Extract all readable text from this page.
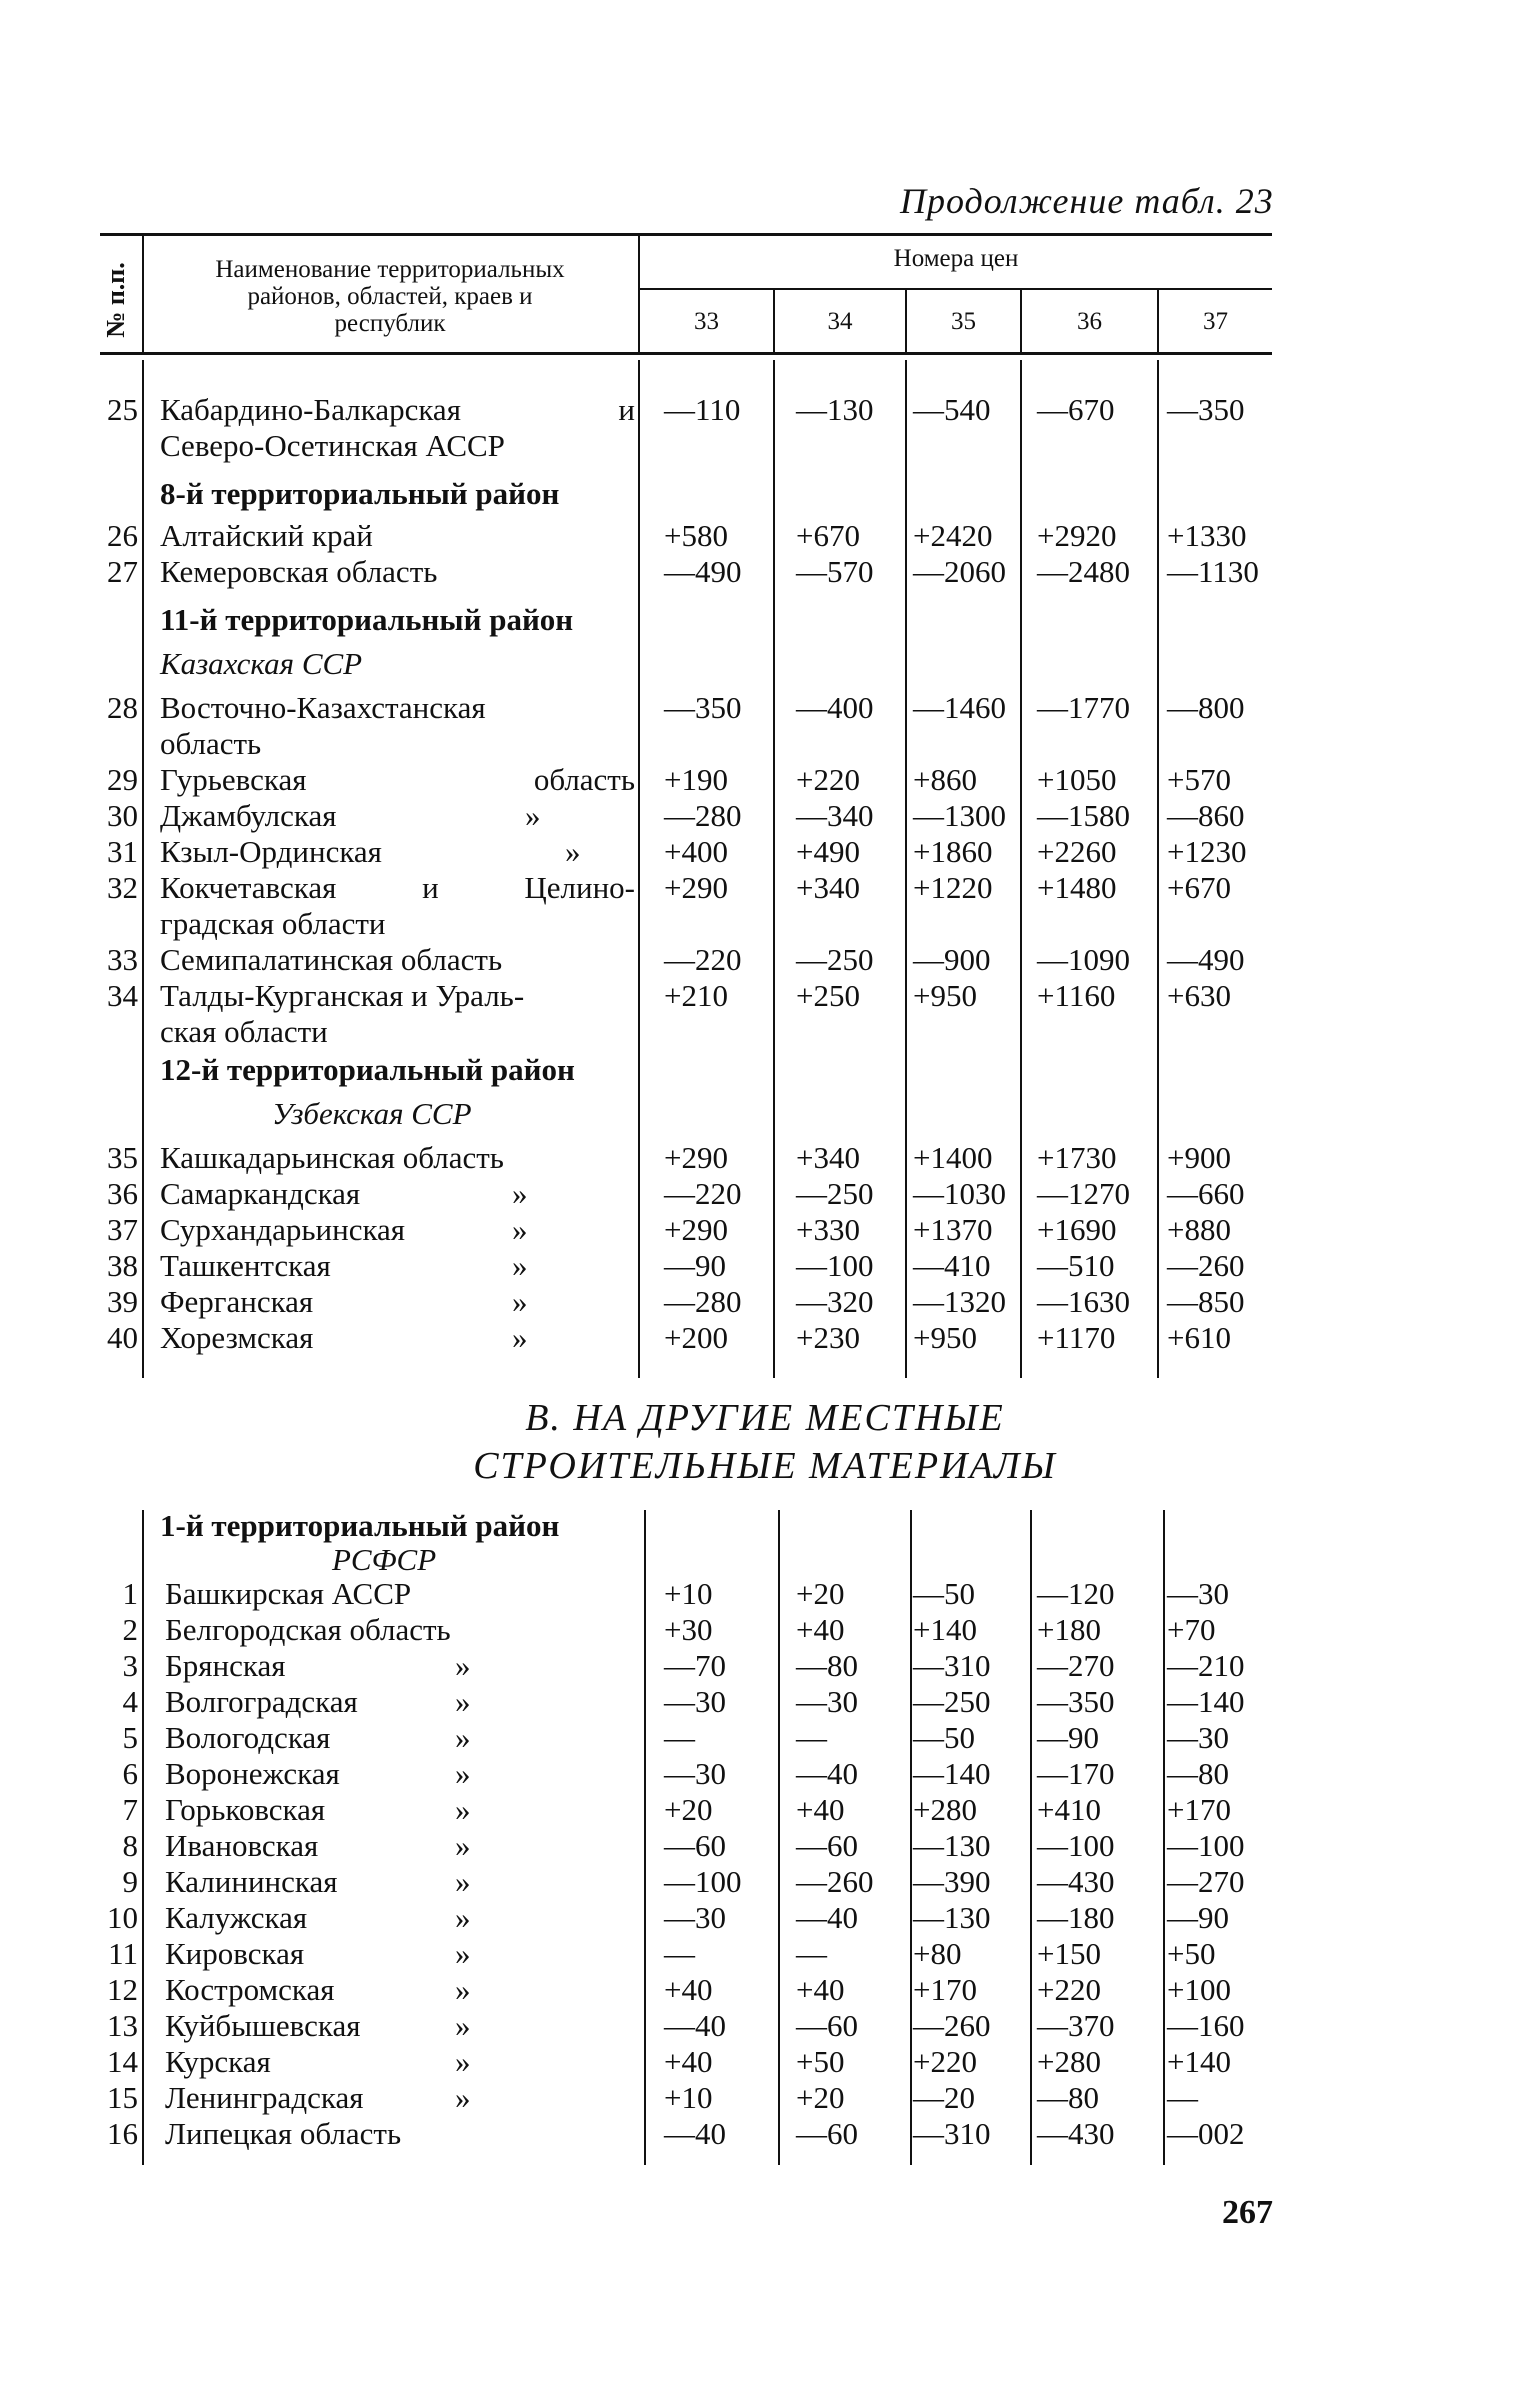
Продолжение табл. 23
№ п.п.	Наименование территориальных
районов, областей, краев и
республик
Номера цен
33	34	35	36	37
25 Кабардино-Балкарская	и —110 —130 —540 —670 —350
Северо-Осетинская АССР
8-й территориальный район
26 Алтайский край	+580 +670 +2420 +2920 +1330
27 Кемеровская область	—490 —570 —2060 —2480 —1130
11-й территориальный район
Казахская ССР
28 Восточно-Казахстанская	—350 —400 —1460 —1770 —800
область
29 Гурьевская	область +190 +220 +860 +1050 +570
30 Джамбулская	»	—280 —340 —1300 —1580 —860
31 Кзыл-Ординская	»	+400 +490 +1860 +2260 +1230
32 Кокчетавская	и	Целино- +290 +340 +1220 +1480 +670
градская области
33 Семипалатинская область	—220 —250 —900 —1090 —490
34 Талды-Курганская и Ураль-	+210 +250 +950 +1160 +630
ская области
12-й территориальный район
Узбекская ССР
35 Кашкадарьинская область	+290 +340 +1400 +1730 +900
36 Самаркандская	»	—220 —250 —1030 —1270 —660
37 Сурхандарьинская	»	+290 +330 +1370 +1690 +880
38 Ташкентская	»	—90 —100 —410 —510 —260
39 Ферганская	»	—280 —320 —1320 —1630 —850
40 Хорезмская	»	+200 +230 +950 +1170 +610
В. НА ДРУГИЕ МЕСТНЫЕ
СТРОИТЕЛЬНЫЕ МАТЕРИАЛЫ
1-й территориальный район
РСФСР
1 Башкирская АССР	+10	+20 —50 —120 —30
2 Белгородская область	+30	+40 +140 +180 +70
3 Брянская	»	—70 —80 —310 —270 —210
4 Волгоградская	»	—30 —30 —250 —350 —140
5 Вологодская	»	—	—	—50 —90 —30
6 Воронежская	»	—30 —40 —140 —170 —80
7 Горьковская	»	+20	+40 +280 +410 +170
8 Ивановская	»	—60 —60 —130 —100 —100
9 Калининская	»	—100 —260 —390 —430 —270
10 Калужская	»	—30 —40 —130 —180 —90
11 Кировская	»	—	—	+80 +150 +50
12 Костромская	»	+40	+40 +170 +220 +100
13 Куйбышевская	»	—40 —60 —260 —370 —160
14 Курская	»	+40	+50 +220 +280 +140
15 Ленинградская	»	+10	+20 —20 —80 —
16 Липецкая область	—40 —60 —310 —430 —002
267
